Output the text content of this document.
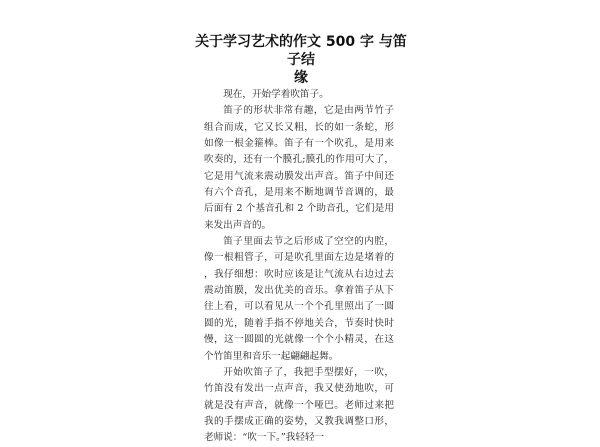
关于学习艺术的作文 500 字 与笛子结
缘

现在，开始学着吹笛子。

笛子的形状非常有趣，它是由两节竹子组合而成，它又长又粗，长的如一条蛇，形如像一根金箍棒。笛子有一个吹孔，是用来吹奏的，还有一个膜孔;膜孔的作用可大了，它是用气流来震动膜发出声音。笛子中间还有六个音孔，是用来不断地调节音调的，最后面有 2 个基音孔和 2 个助音孔，它们是用来发出声音的。

笛子里面去节之后形成了空空的内腔，像一根粗管子，可是吹孔里面左边是堵着的，我仔细想：吹时应该是让气流从右边过去震动笛膜，发出优美的音乐。拿着笛子从下往上看，可以看见从一个个孔里照出了一圆圆的光，随着手指不停地关合，节奏时快时慢，这一圆圆的光就像一个个小精灵，在这个竹笛里和音乐一起翩翩起舞。

开始吹笛子了，我把手型摆好，一吹，竹笛没有发出一点声音，我又使劲地吹，可就是没有声音，就像一个哑巴。老师过来把我的手摆成正确的姿势，又教我调整口形，老师说：“吹一下。”我轻轻一
